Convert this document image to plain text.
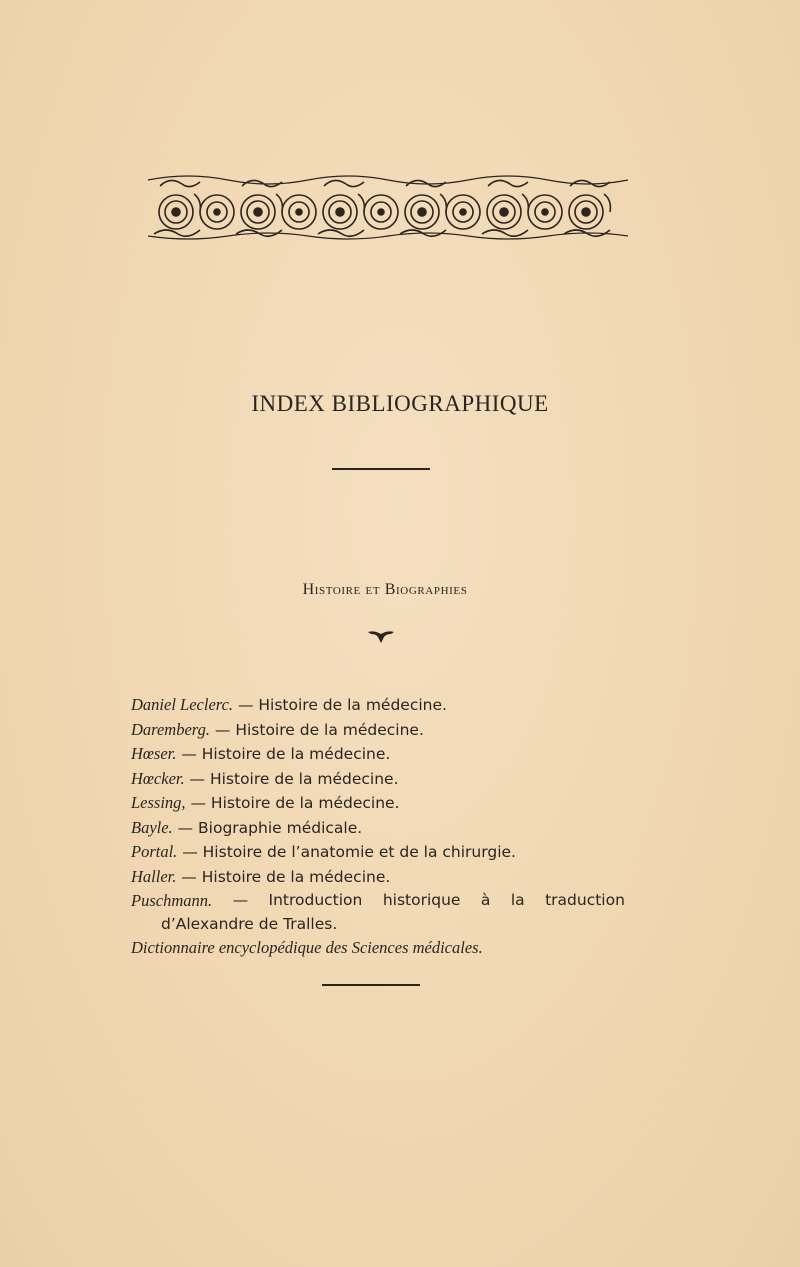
INDEX BIBLIOGRAPHIQUE
Histoire et Biographies
Daniel Leclerc. — Histoire de la médecine.
Daremberg. — Histoire de la médecine.
Hœser. — Histoire de la médecine.
Hœcker. — Histoire de la médecine.
Lessing, — Histoire de la médecine.
Bayle. — Biographie médicale.
Portal. — Histoire de l’anatomie et de la chirurgie.
Haller. — Histoire de la médecine.
Puschmann. — Introduction historique à la traduction
d’Alexandre de Tralles.
Dictionnaire encyclopédique des Sciences médicales.
